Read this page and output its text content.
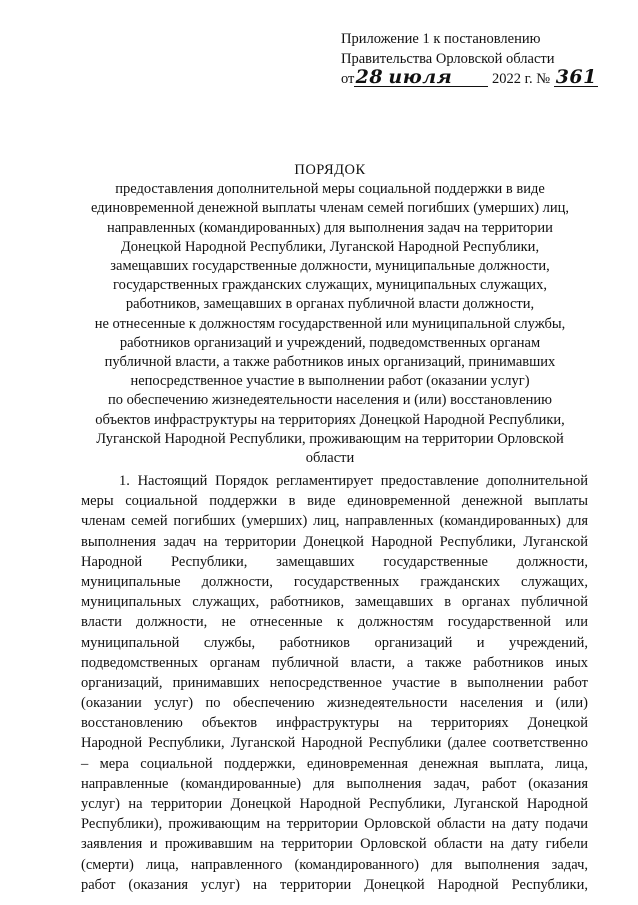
Приложение 1 к постановлению
Правительства Орловской области
от28 июля	2022 г. № 361
ПОРЯДОК
предоставления дополнительной меры социальной поддержки в виде
единовременной денежной выплаты членам семей погибших (умерших) лиц,
направленных (командированных) для выполнения задач на территории
Донецкой Народной Республики, Луганской Народной Республики,
замещавших государственные должности, муниципальные должности,
государственных гражданских служащих, муниципальных служащих,
работников, замещавших в органах публичной власти должности,
не отнесенные к должностям государственной или муниципальной службы,
работников организаций и учреждений, подведомственных органам
публичной власти, а также работников иных организаций, принимавших
непосредственное участие в выполнении работ (оказании услуг)
по обеспечению жизнедеятельности населения и (или) восстановлению
объектов инфраструктуры на территориях Донецкой Народной Республики,
Луганской Народной Республики, проживающим на территории Орловской
области
1. Настоящий Порядок регламентирует предоставление дополнительной
меры социальной поддержки в виде единовременной денежной выплаты
членам семей погибших (умерших) лиц, направленных (командированных) для
выполнения задач на территории Донецкой Народной Республики, Луганской
Народной Республики, замещавших государственные должности,
муниципальные должности, государственных гражданских служащих,
муниципальных служащих, работников, замещавших в органах публичной
власти должности, не отнесенные к должностям государственной или
муниципальной службы, работников организаций и учреждений,
подведомственных органам публичной власти, а также работников иных
организаций, принимавших непосредственное участие в выполнении работ
(оказании услуг) по обеспечению жизнедеятельности населения и (или)
восстановлению объектов инфраструктуры на территориях Донецкой
Народной Республики, Луганской Народной Республики (далее соответственно
– мера социальной поддержки, единовременная денежная выплата, лица,
направленные (командированные) для выполнения задач, работ (оказания
услуг) на территории Донецкой Народной Республики, Луганской Народной
Республики), проживающим на территории Орловской области на дату подачи
заявления и проживавшим на территории Орловской области на дату гибели
(смерти) лица, направленного (командированного) для выполнения задач,
работ (оказания услуг) на территории Донецкой Народной Республики,
